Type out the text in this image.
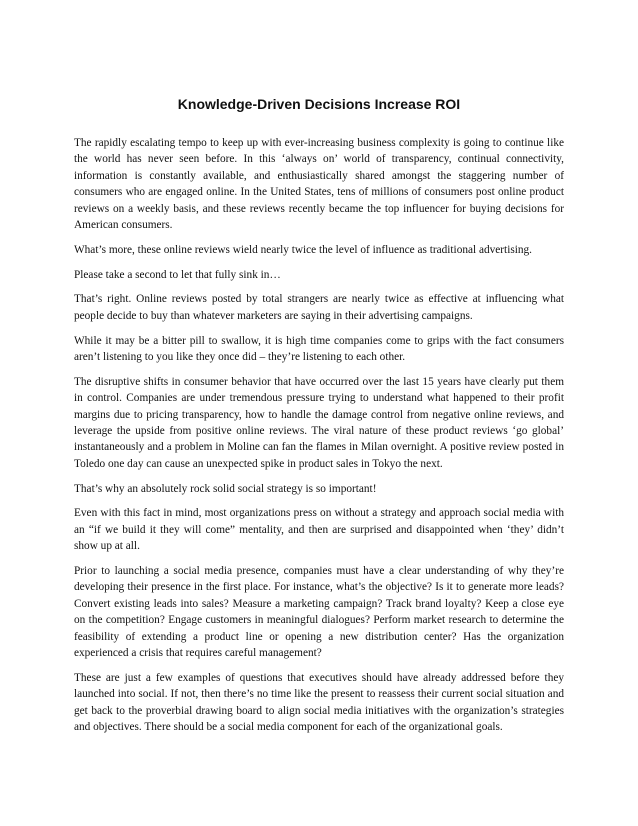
Knowledge-Driven Decisions Increase ROI

The rapidly escalating tempo to keep up with ever-increasing business complexity is going to continue like the world has never seen before. In this ‘always on’ world of transparency, continual connectivity, information is constantly available, and enthusiastically shared amongst the staggering number of consumers who are engaged online. In the United States, tens of millions of consumers post online product reviews on a weekly basis, and these reviews recently became the top influencer for buying decisions for American consumers.

What’s more, these online reviews wield nearly twice the level of influence as traditional advertising.

Please take a second to let that fully sink in…

That’s right. Online reviews posted by total strangers are nearly twice as effective at influencing what people decide to buy than whatever marketers are saying in their advertising campaigns.

While it may be a bitter pill to swallow, it is high time companies come to grips with the fact consumers aren’t listening to you like they once did – they’re listening to each other.

The disruptive shifts in consumer behavior that have occurred over the last 15 years have clearly put them in control. Companies are under tremendous pressure trying to understand what happened to their profit margins due to pricing transparency, how to handle the damage control from negative online reviews, and leverage the upside from positive online reviews. The viral nature of these product reviews ‘go global’ instantaneously and a problem in Moline can fan the flames in Milan overnight. A positive review posted in Toledo one day can cause an unexpected spike in product sales in Tokyo the next.

That’s why an absolutely rock solid social strategy is so important!

Even with this fact in mind, most organizations press on without a strategy and approach social media with an “if we build it they will come” mentality, and then are surprised and disappointed when ‘they’ didn’t show up at all.

Prior to launching a social media presence, companies must have a clear understanding of why they’re developing their presence in the first place. For instance, what’s the objective? Is it to generate more leads? Convert existing leads into sales? Measure a marketing campaign? Track brand loyalty? Keep a close eye on the competition? Engage customers in meaningful dialogues? Perform market research to determine the feasibility of extending a product line or opening a new distribution center? Has the organization experienced a crisis that requires careful management?

These are just a few examples of questions that executives should have already addressed before they launched into social. If not, then there’s no time like the present to reassess their current social situation and get back to the proverbial drawing board to align social media initiatives with the organization’s strategies and objectives. There should be a social media component for each of the organizational goals.
